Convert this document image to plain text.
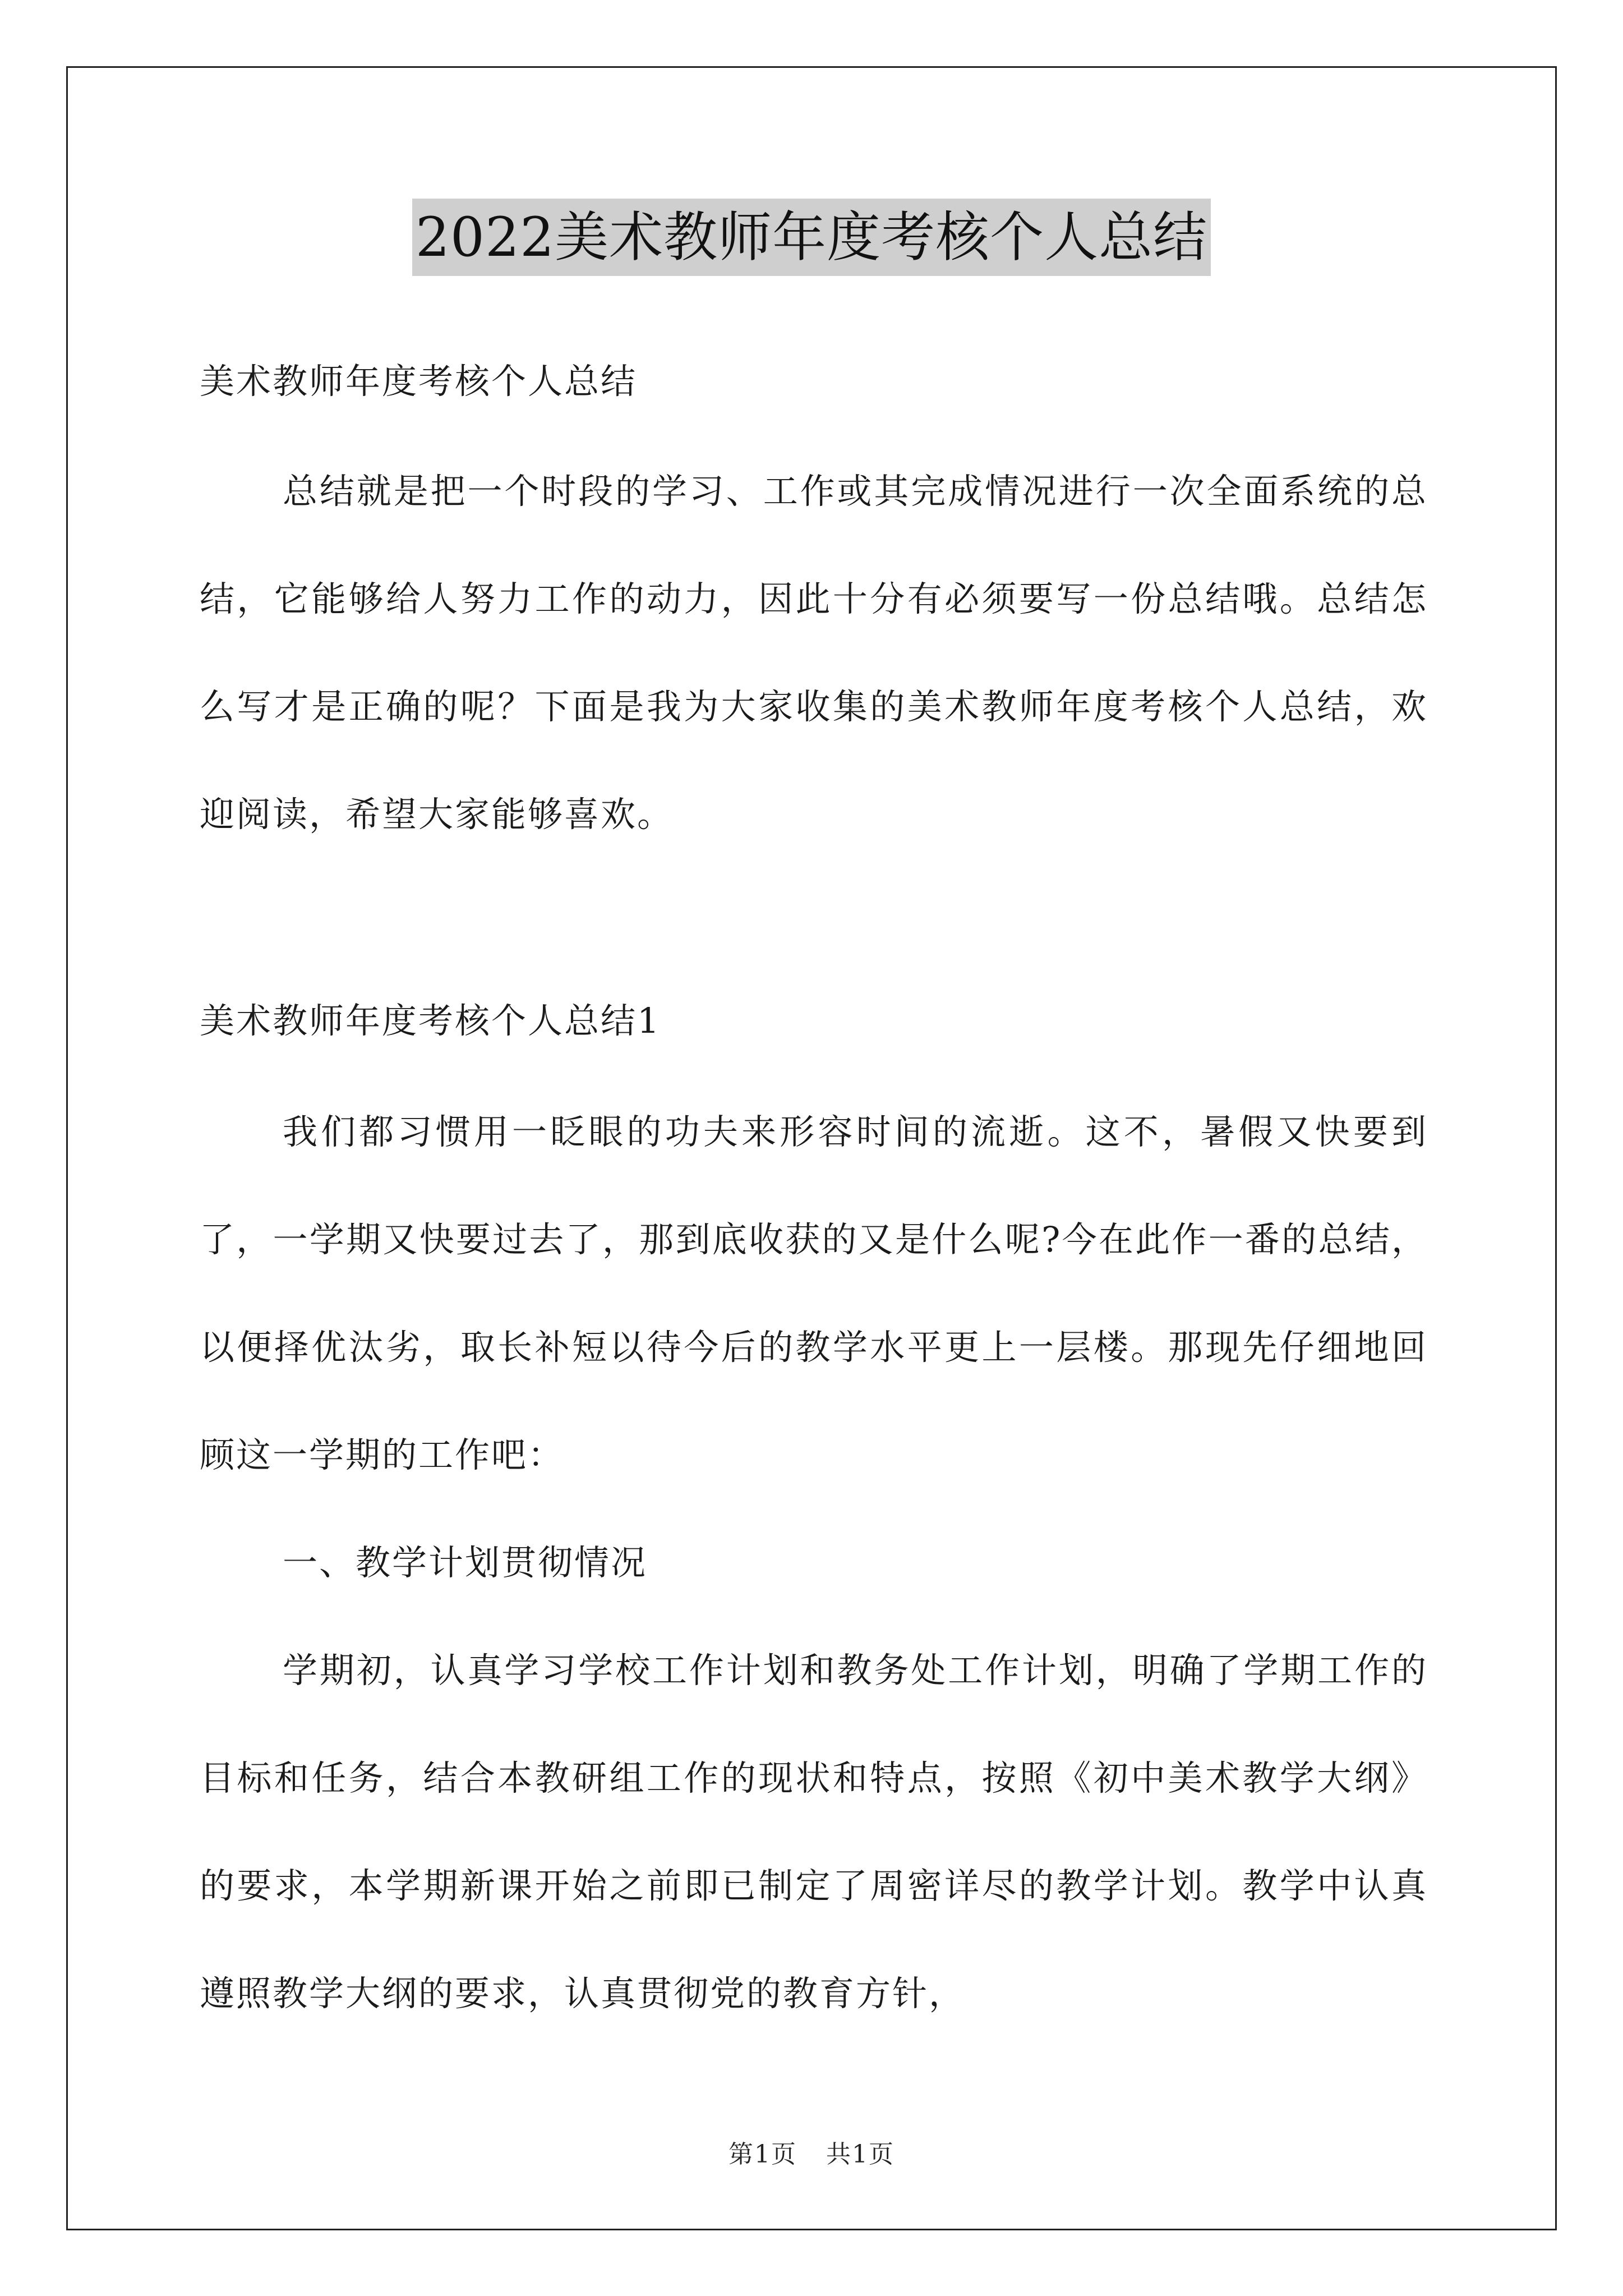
2022美术教师年度考核个人总结
美术教师年度考核个人总结

总结就是把一个时段的学习、工作或其完成情况进行一次全面系统的总结，它能够给人努力工作的动力，因此十分有必须要写一份总结哦。总结怎么写才是正确的呢？下面是我为大家收集的美术教师年度考核个人总结，欢迎阅读，希望大家能够喜欢。

美术教师年度考核个人总结1

我们都习惯用一眨眼的功夫来形容时间的流逝。这不，暑假又快要到了，一学期又快要过去了，那到底收获的又是什么呢?今在此作一番的总结，以便择优汰劣，取长补短以待今后的教学水平更上一层楼。那现先仔细地回顾这一学期的工作吧：

一、教学计划贯彻情况

学期初，认真学习学校工作计划和教务处工作计划，明确了学期工作的目标和任务，结合本教研组工作的现状和特点，按照《初中美术教学大纲》的要求，本学期新课开始之前即已制定了周密详尽的教学计划。教学中认真遵照教学大纲的要求，认真贯彻党的教育方针，

第1页 共1页
